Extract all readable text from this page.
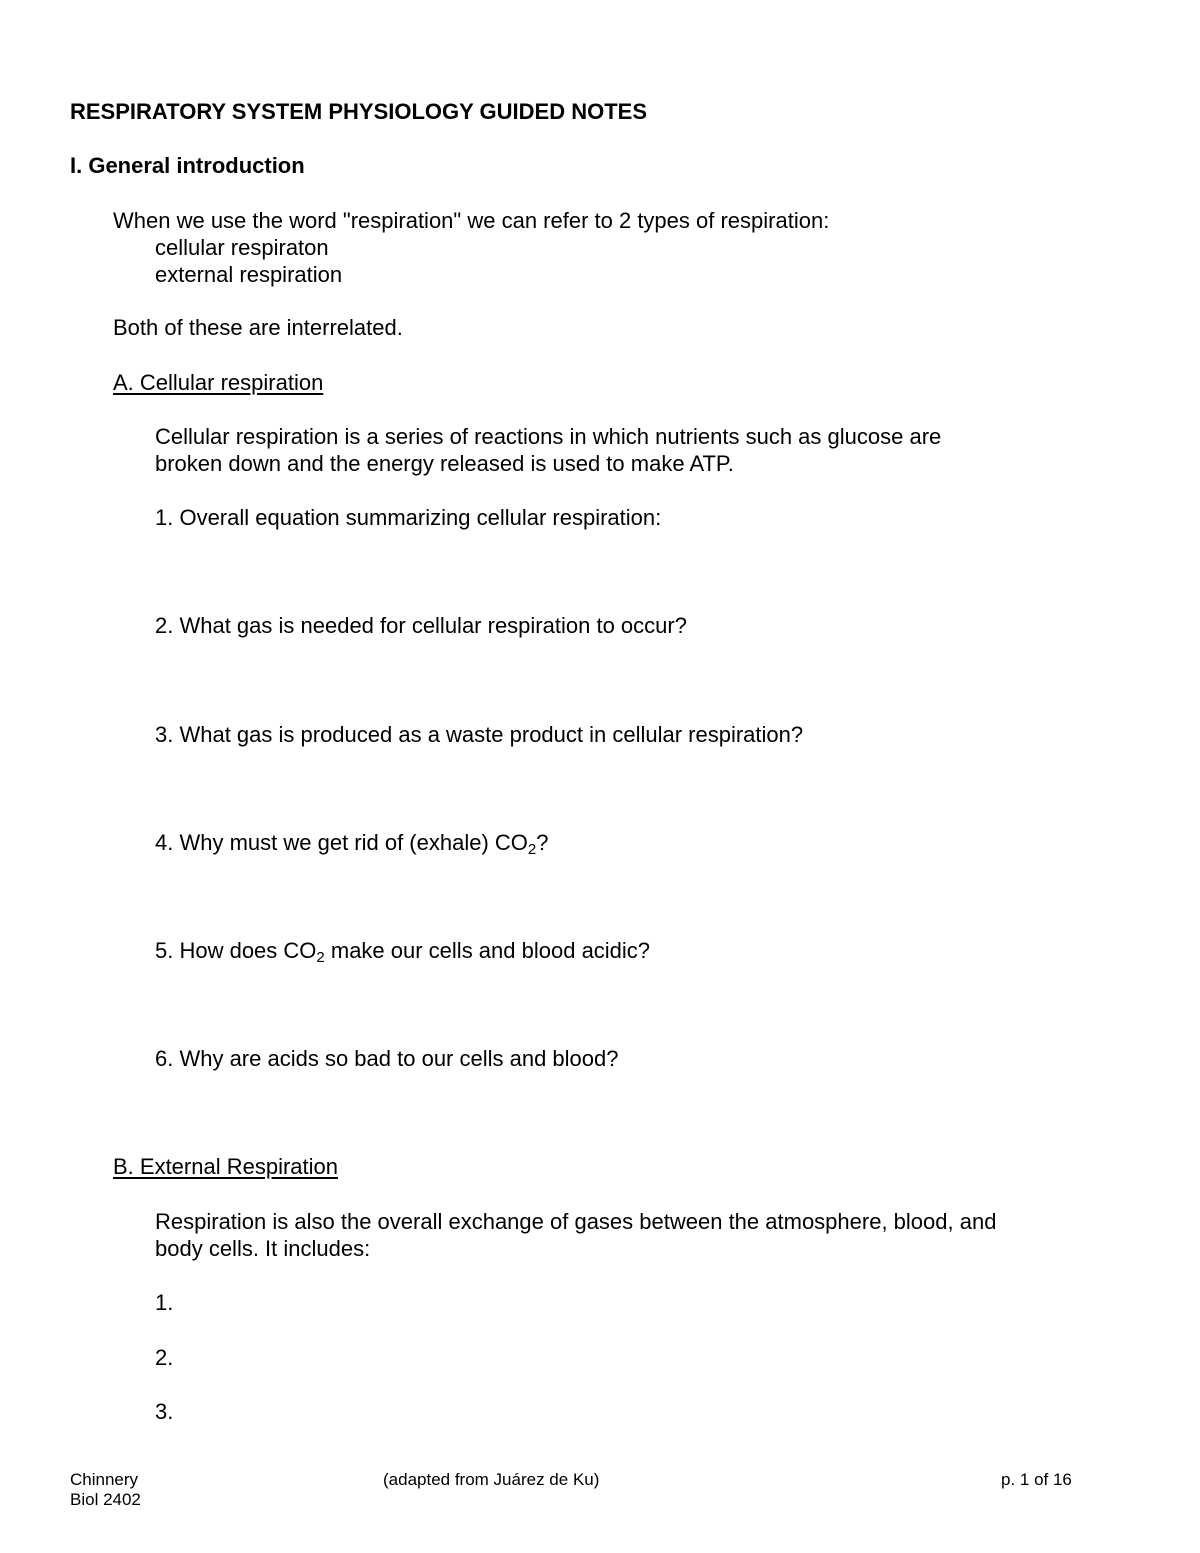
RESPIRATORY SYSTEM PHYSIOLOGY GUIDED NOTES
I. General introduction
When we use the word "respiration" we can refer to 2 types of respiration:
cellular respiraton
external respiration
Both of these are interrelated.
A. Cellular respiration
Cellular respiration is a series of reactions in which nutrients such as glucose are
broken down and the energy released is used to make ATP.
1. Overall equation summarizing cellular respiration:
2. What gas is needed for cellular respiration to occur?
3. What gas is produced as a waste product in cellular respiration?
4. Why must we get rid of (exhale) $CO_2$?
5. How does $CO_2$ make our cells and blood acidic?
6. Why are acids so bad to our cells and blood?
B. External Respiration
Respiration is also the overall exchange of gases between the atmosphere, blood, and
body cells. It includes:
1.
2.
3.
Chinnery
Biol 2402
(adapted from Juárez de Ku)	p. 1 of 16
